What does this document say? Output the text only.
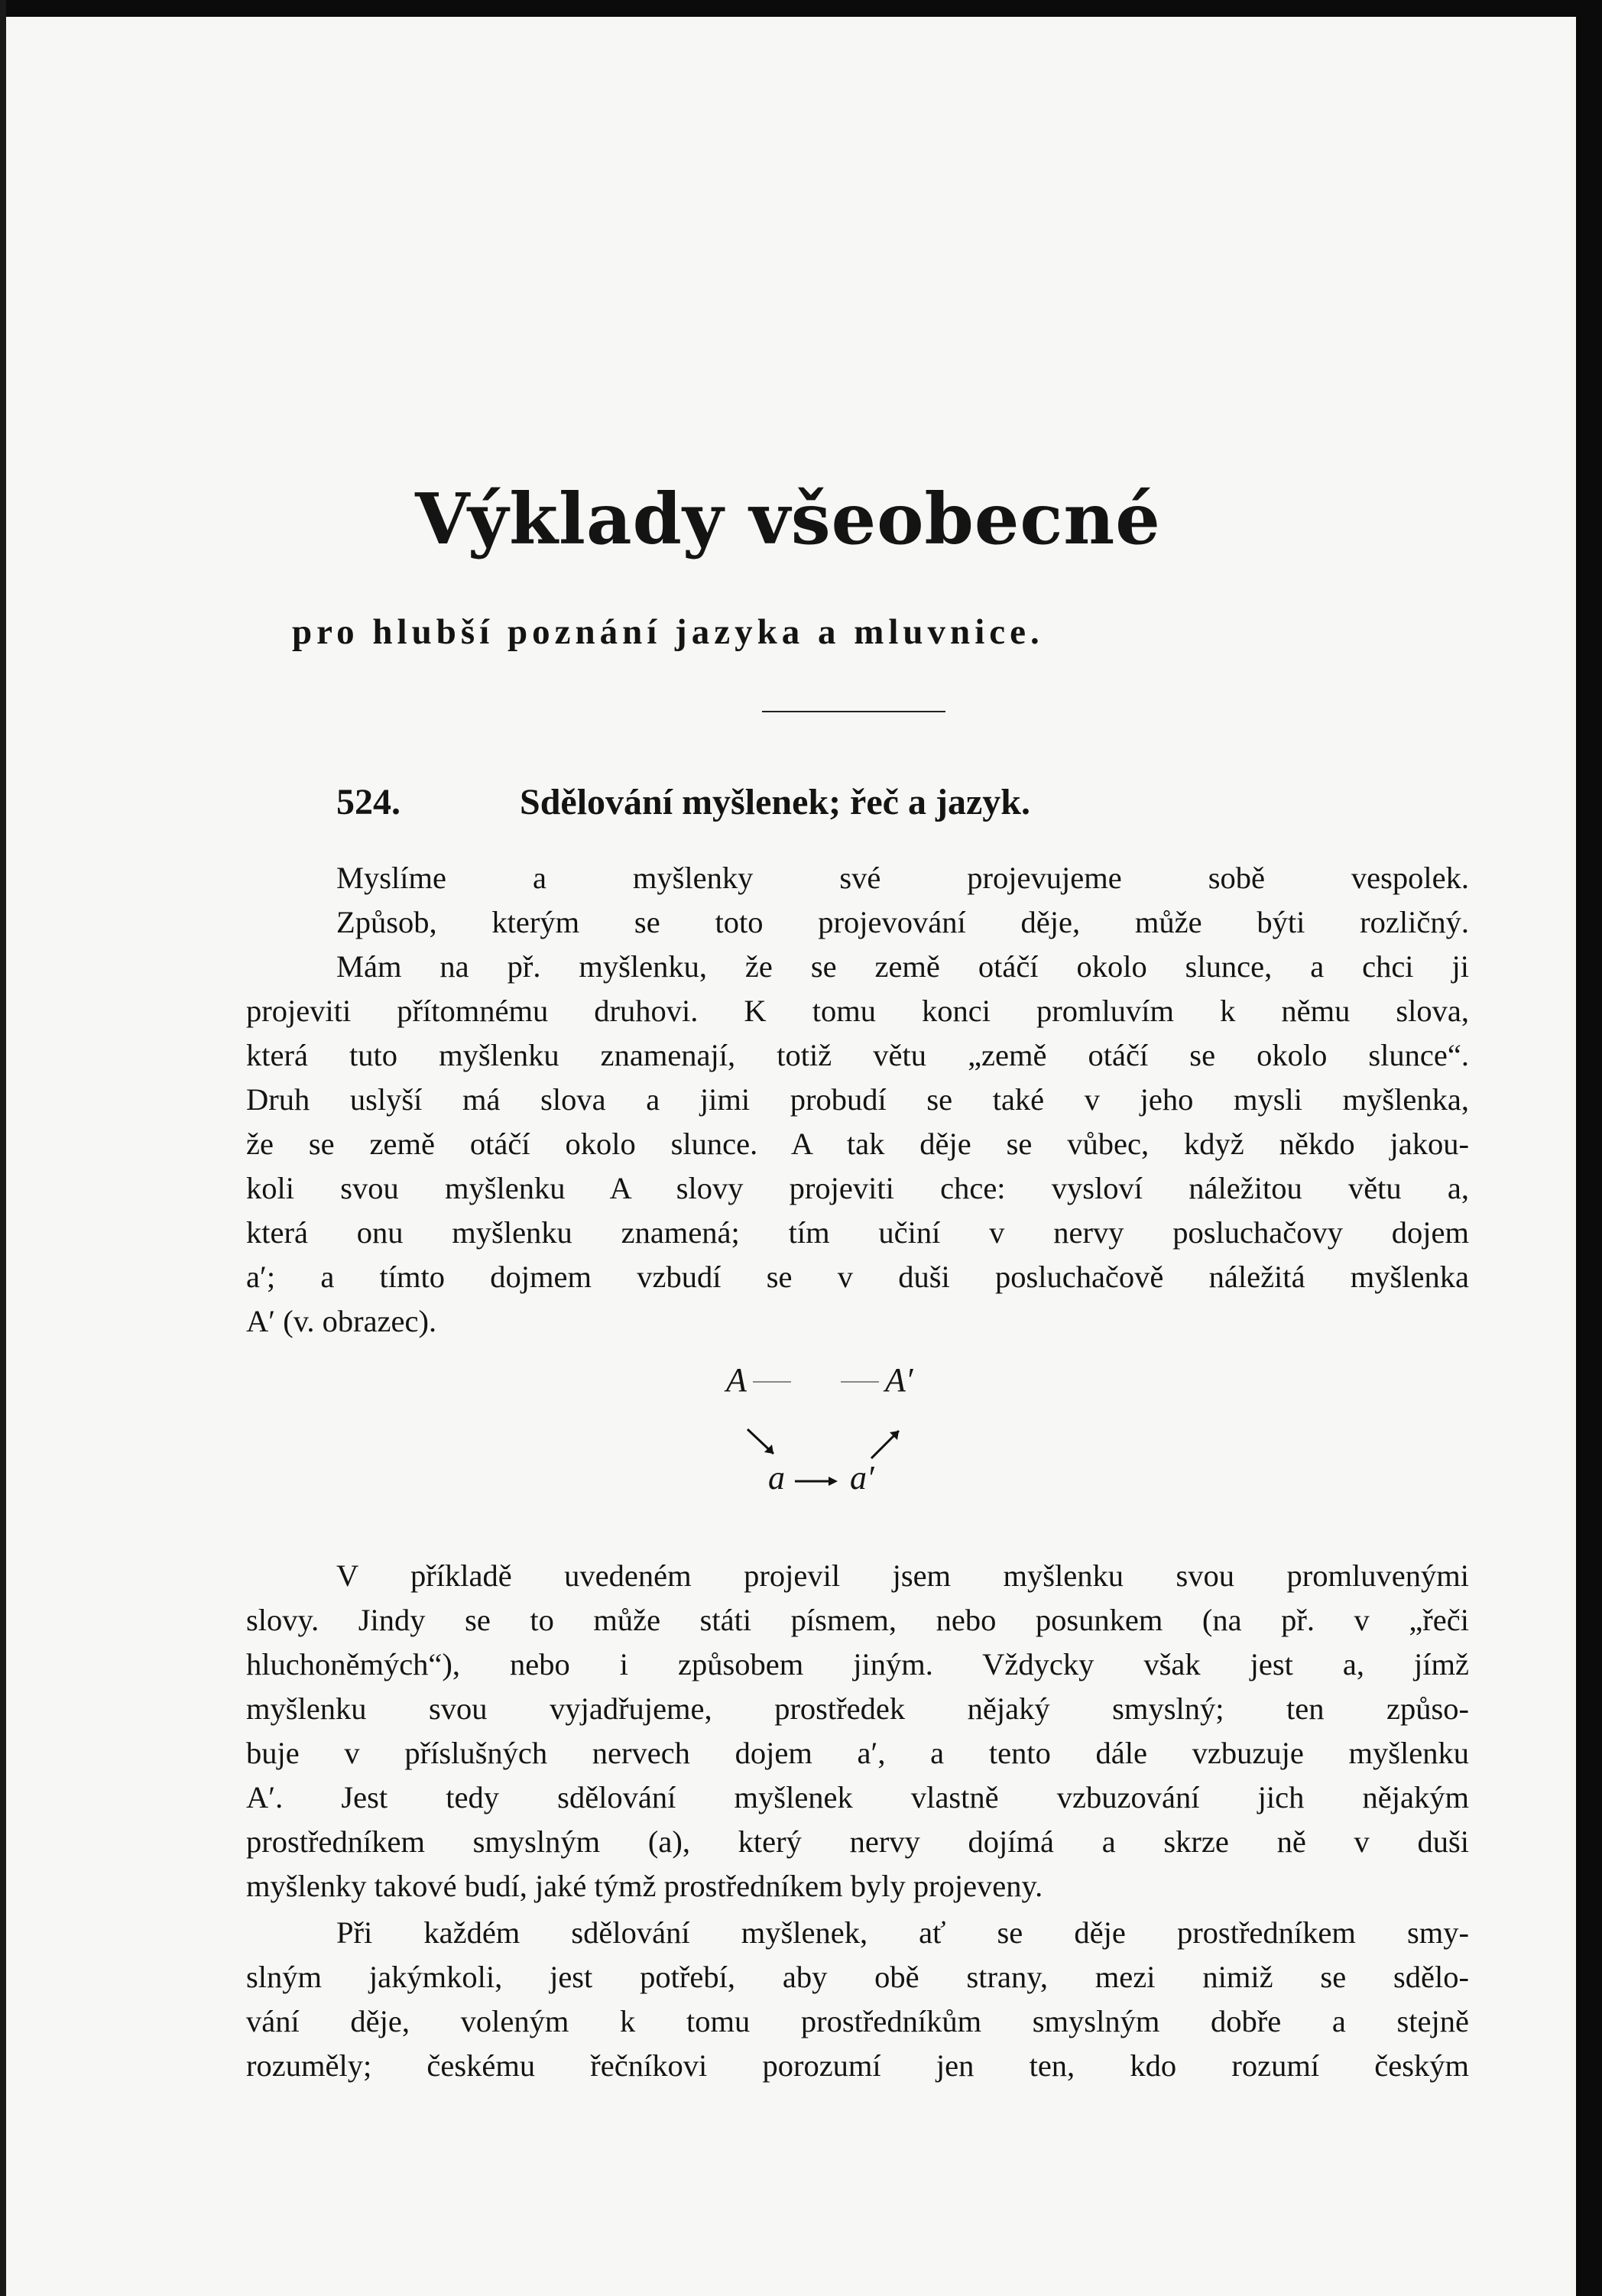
Výklady všeobecné

pro hlubší poznání jazyka a mluvnice.

524.	Sdělování myšlenek; řeč a jazyk.
Myslíme a myšlenky své projevujeme sobě vespolek.
Způsob, kterým se toto projevování děje, může býti rozličný.
Mám na př. myšlenku, že se země otáčí okolo slunce, a chci ji
projeviti přítomnému druhovi. K tomu konci promluvím k němu slova,
která tuto myšlenku znamenají, totiž větu „země otáčí se okolo slunce“.
Druh uslyší má slova a jimi probudí se také v jeho mysli myšlenka,
že se země otáčí okolo slunce. A tak děje se vůbec, když někdo jakou-
koli svou myšlenku A slovy projeviti chce: vysloví náležitou větu a,
která onu myšlenku znamená; tím učiní v nervy posluchačovy dojem
a′; a tímto dojmem vzbudí se v duši posluchačově náležitá myšlenka
A′ (v. obrazec).
A	A′
a a′
V příkladě uvedeném projevil jsem myšlenku svou promluvenými
slovy. Jindy se to může státi písmem, nebo posunkem (na př. v „řeči
hluchoněmých“), nebo i způsobem jiným. Vždycky však jest a, jímž
myšlenku svou vyjadřujeme, prostředek nějaký smyslný; ten způso-
buje v příslušných nervech dojem a′, a tento dále vzbuzuje myšlenku
A′. Jest tedy sdělování myšlenek vlastně vzbuzování jich nějakým
prostředníkem smyslným (a), který nervy dojímá a skrze ně v duši
myšlenky takové budí, jaké týmž prostředníkem byly projeveny.
Při každém sdělování myšlenek, ať se děje prostředníkem smy-
slným jakýmkoli, jest potřebí, aby obě strany, mezi nimiž se sdělo-
vání děje, voleným k tomu prostředníkům smyslným dobře a stejně
rozuměly; českému řečníkovi porozumí jen ten, kdo rozumí českým
